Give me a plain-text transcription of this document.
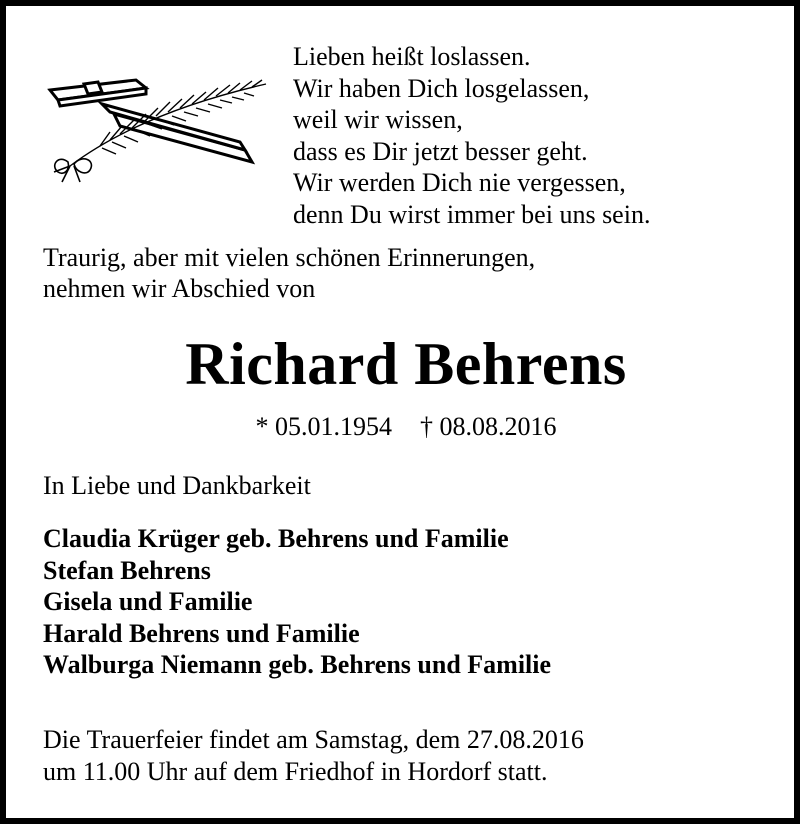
Lieben heißt loslassen.
Wir haben Dich losgelassen,
weil wir wissen,
dass es Dir jetzt besser geht.
Wir werden Dich nie vergessen,
denn Du wirst immer bei uns sein.
Traurig, aber mit vielen schönen Erinnerungen,
nehmen wir Abschied von
Richard Behrens
* 05.01.1954 † 08.08.2016
In Liebe und Dankbarkeit
Claudia Krüger geb. Behrens und Familie
Stefan Behrens
Gisela und Familie
Harald Behrens und Familie
Walburga Niemann geb. Behrens und Familie
Die Trauerfeier findet am Samstag, dem 27.08.2016
um 11.00 Uhr auf dem Friedhof in Hordorf statt.
